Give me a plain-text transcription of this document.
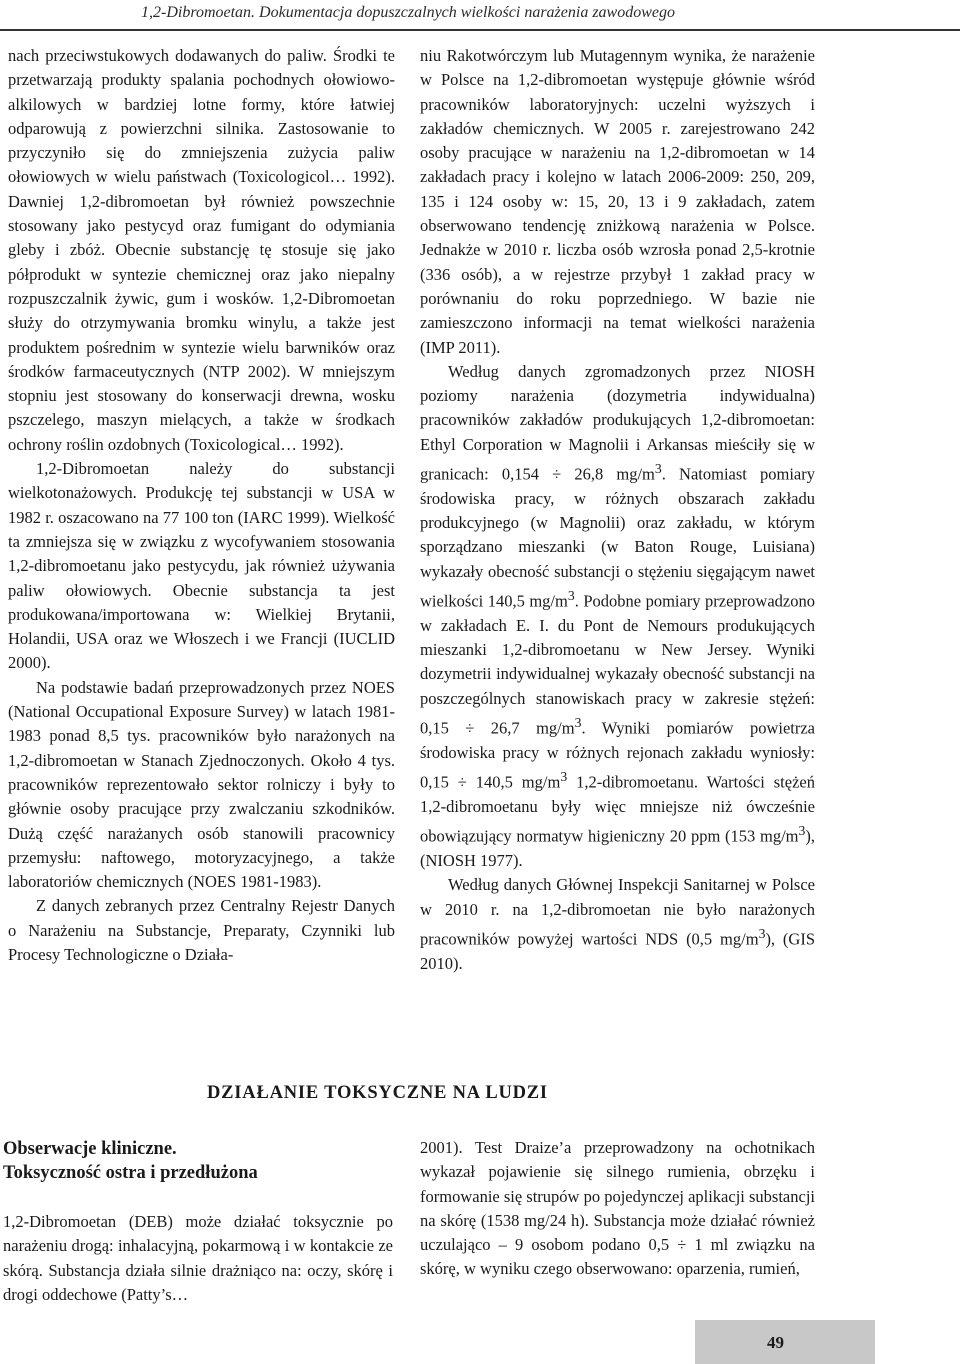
1,2-Dibromoetan. Dokumentacja dopuszczalnych wielkości narażenia zawodowego

nach przeciwstukowych dodawanych do paliw. Środki te przetwarzają produkty spalania pochodnych ołowiowo-alkilowych w bardziej lotne formy, które łatwiej odparowują z powierzchni silnika. Zastosowanie to przyczyniło się do zmniejszenia zużycia paliw ołowiowych w wielu państwach (Toxicologicol… 1992). Dawniej 1,2-dibromoetan był również powszechnie stosowany jako pestycyd oraz fumigant do odymiania gleby i zbóż. Obecnie substancję tę stosuje się jako półprodukt w syntezie chemicznej oraz jako niepalny rozpuszczalnik żywic, gum i wosków. 1,2-Dibromoetan służy do otrzymywania bromku winylu, a także jest produktem pośrednim w syntezie wielu barwników oraz środków farmaceutycznych (NTP 2002). W mniejszym stopniu jest stosowany do konserwacji drewna, wosku pszczelego, maszyn mielących, a także w środkach ochrony roślin ozdobnych (Toxicological… 1992).

1,2-Dibromoetan należy do substancji wielkotonażowych. Produkcję tej substancji w USA w 1982 r. oszacowano na 77 100 ton (IARC 1999). Wielkość ta zmniejsza się w związku z wycofywaniem stosowania 1,2-dibromoetanu jako pestycydu, jak również używania paliw ołowiowych. Obecnie substancja ta jest produkowana/importowana w: Wielkiej Brytanii, Holandii, USA oraz we Włoszech i we Francji (IUCLID 2000).

Na podstawie badań przeprowadzonych przez NOES (National Occupational Exposure Survey) w latach 1981-1983 ponad 8,5 tys. pracowników było narażonych na 1,2-dibromoetan w Stanach Zjednoczonych. Około 4 tys. pracowników reprezentowało sektor rolniczy i były to głównie osoby pracujące przy zwalczaniu szkodników. Dużą część narażanych osób stanowili pracownicy przemysłu: naftowego, motoryzacyjnego, a także laboratoriów chemicznych (NOES 1981-1983).

Z danych zebranych przez Centralny Rejestr Danych o Narażeniu na Substancje, Preparaty, Czynniki lub Procesy Technologiczne o Działa-

niu Rakotwórczym lub Mutagennym wynika, że narażenie w Polsce na 1,2-dibromoetan występuje głównie wśród pracowników laboratoryjnych: uczelni wyższych i zakładów chemicznych. W 2005 r. zarejestrowano 242 osoby pracujące w narażeniu na 1,2-dibromoetan w 14 zakładach pracy i kolejno w latach 2006-2009: 250, 209, 135 i 124 osoby w: 15, 20, 13 i 9 zakładach, zatem obserwowano tendencję zniżkową narażenia w Polsce. Jednakże w 2010 r. liczba osób wzrosła ponad 2,5-krotnie (336 osób), a w rejestrze przybył 1 zakład pracy w porównaniu do roku poprzedniego. W bazie nie zamieszczono informacji na temat wielkości narażenia (IMP 2011).

Według danych zgromadzonych przez NIOSH poziomy narażenia (dozymetria indywidualna) pracowników zakładów produkujących 1,2-dibromoetan: Ethyl Corporation w Magnolii i Arkansas mieściły się w granicach: 0,154 ÷ 26,8 $mg/m^3$. Natomiast pomiary środowiska pracy, w różnych obszarach zakładu produkcyjnego (w Magnolii) oraz zakładu, w którym sporządzano mieszanki (w Baton Rouge, Luisiana) wykazały obecność substancji o stężeniu sięgającym nawet wielkości 140,5 $mg/m^3$. Podobne pomiary przeprowadzono w zakładach E. I. du Pont de Nemours produkujących mieszanki 1,2-dibromoetanu w New Jersey. Wyniki dozymetrii indywidualnej wykazały obecność substancji na poszczególnych stanowiskach pracy w zakresie stężeń: 0,15 ÷ 26,7 $mg/m^3$. Wyniki pomiarów powietrza środowiska pracy w różnych rejonach zakładu wyniosły: 0,15 ÷ 140,5 $mg/m^3$ 1,2-dibromoetanu. Wartości stężeń 1,2-dibromoetanu były więc mniejsze niż ówcześnie obowiązujący normatyw higieniczny 20 ppm (153 $mg/m^3$), (NIOSH 1977).

Według danych Głównej Inspekcji Sanitarnej w Polsce w 2010 r. na 1,2-dibromoetan nie było narażonych pracowników powyżej wartości NDS (0,5 $mg/m^3$), (GIS 2010).

DZIAŁANIE TOKSYCZNE NA LUDZI
Obserwacje kliniczne.
Toksyczność ostra i przedłużona

1,2-Dibromoetan (DEB) może działać toksycznie po narażeniu drogą: inhalacyjną, pokarmową i w kontakcie ze skórą. Substancja działa silnie drażniąco na: oczy, skórę i drogi oddechowe (Patty’s…

2001). Test Draize’a przeprowadzony na ochotnikach wykazał pojawienie się silnego rumienia, obrzęku i formowanie się strupów po pojedynczej aplikacji substancji na skórę (1538 mg/24 h). Substancja może działać również uczulająco – 9 osobom podano 0,5 ÷ 1 ml związku na skórę, w wyniku czego obserwowano: oparzenia, rumień,

49
